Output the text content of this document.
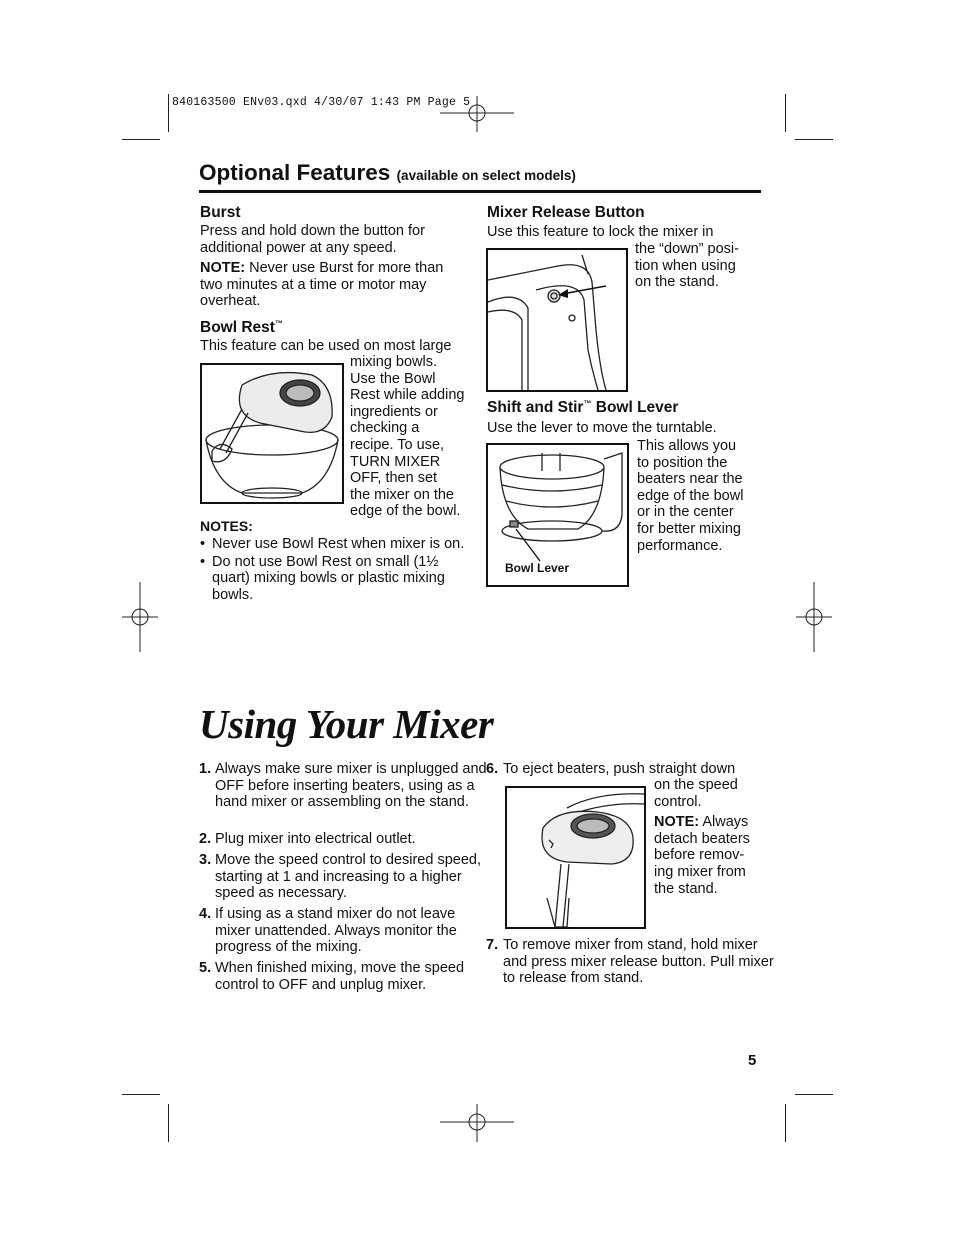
840163500 ENv03.qxd 4/30/07 1:43 PM Page 5
Optional Features (available on select models)
Burst
Press and hold down the button for additional power at any speed.
NOTE: Never use Burst for more than two minutes at a time or motor may overheat.
Bowl Rest™
This feature can be used on most large
mixing bowls.
Use the Bowl
Rest while adding
ingredients or
checking a
recipe. To use,
TURN MIXER
OFF, then set
the mixer on the
edge of the bowl.
NOTES:
• Never use Bowl Rest when mixer is on.
• Do not use Bowl Rest on small (1½ quart) mixing bowls or plastic mixing bowls.
Mixer Release Button
Use this feature to lock the mixer in
the “down” posi-
tion when using
on the stand.
Shift and Stir™ Bowl Lever
Use the lever to move the turntable.
Bowl Lever
This allows you
to position the
beaters near the
edge of the bowl
or in the center
for better mixing
performance.
Using Your Mixer
1. Always make sure mixer is unplugged and OFF before inserting beaters, using as a hand mixer or assembling on the stand.
2. Plug mixer into electrical outlet.
3. Move the speed control to desired speed, starting at 1 and increasing to a higher speed as necessary.
4. If using as a stand mixer do not leave mixer unattended. Always monitor the progress of the mixing.
5. When finished mixing, move the speed control to OFF and unplug mixer.
6. To eject beaters, push straight down
on the speed
control.
NOTE: Always
detach beaters
before remov-
ing mixer from
the stand.
7. To remove mixer from stand, hold mixer and press mixer release button. Pull mixer to release from stand.
5
